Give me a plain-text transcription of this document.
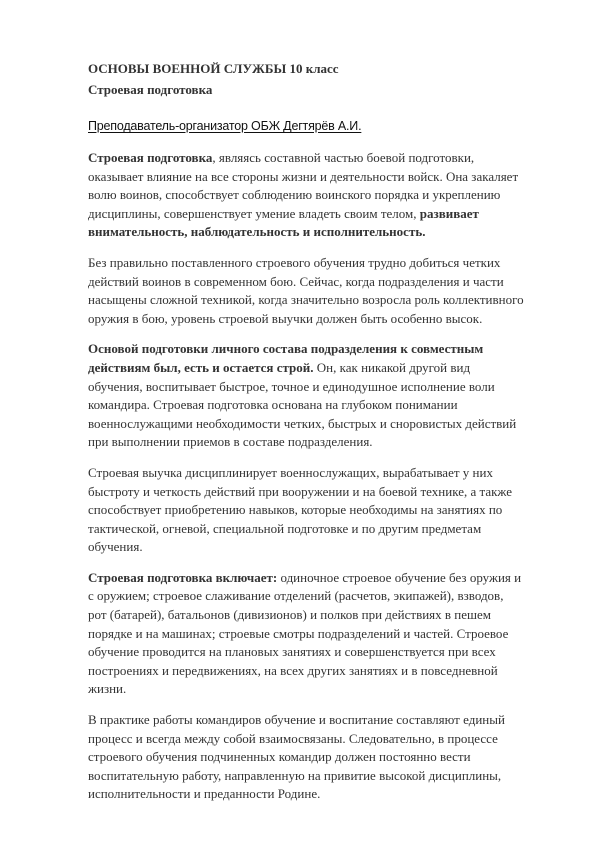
ОСНОВЫ ВОЕННОЙ СЛУЖБЫ 10 класс
Строевая подготовка
Преподаватель-организатор ОБЖ Дегтярёв А.И.

Строевая подготовка, являясь составной частью боевой подготовки, оказывает влияние на все стороны жизни и деятельности войск. Она закаляет волю воинов, способствует соблюдению воинского порядка и укреплению дисциплины, совершенствует умение владеть своим телом, развивает внимательность, наблюдательность и исполнительность.

Без правильно поставленного строевого обучения трудно добиться четких действий воинов в современном бою. Сейчас, когда подразделения и части насыщены сложной техникой, когда значительно возросла роль коллективного оружия в бою, уровень строевой выучки должен быть особенно высок.

Основой подготовки личного состава подразделения к совместным действиям был, есть и остается строй. Он, как никакой другой вид обучения, воспитывает быстрое, точное и единодушное исполнение воли командира. Строевая подготовка основана на глубоком понимании военнослужащими необходимости четких, быстрых и сноровистых действий при выполнении приемов в составе подразделения.

Строевая выучка дисциплинирует военнослужащих, вырабатывает у них быстроту и четкость действий при вооружении и на боевой технике, а также способствует приобретению навыков, которые необходимы на занятиях по тактической, огневой, специальной подготовке и по другим предметам обучения.

Строевая подготовка включает: одиночное строевое обучение без оружия и с оружием; строевое слаживание отделений (расчетов, экипажей), взводов, рот (батарей), батальонов (дивизионов) и полков при действиях в пешем порядке и на машинах; строевые смотры подразделений и частей. Строевое обучение проводится на плановых занятиях и совершенствуется при всех построениях и передвижениях, на всех других занятиях и в повседневной жизни.

В практике работы командиров обучение и воспитание составляют единый процесс и всегда между собой взаимосвязаны. Следовательно, в процессе строевого обучения подчиненных командир должен постоянно вести воспитательную работу, направленную на привитие высокой дисциплины, исполнительности и преданности Родине.
